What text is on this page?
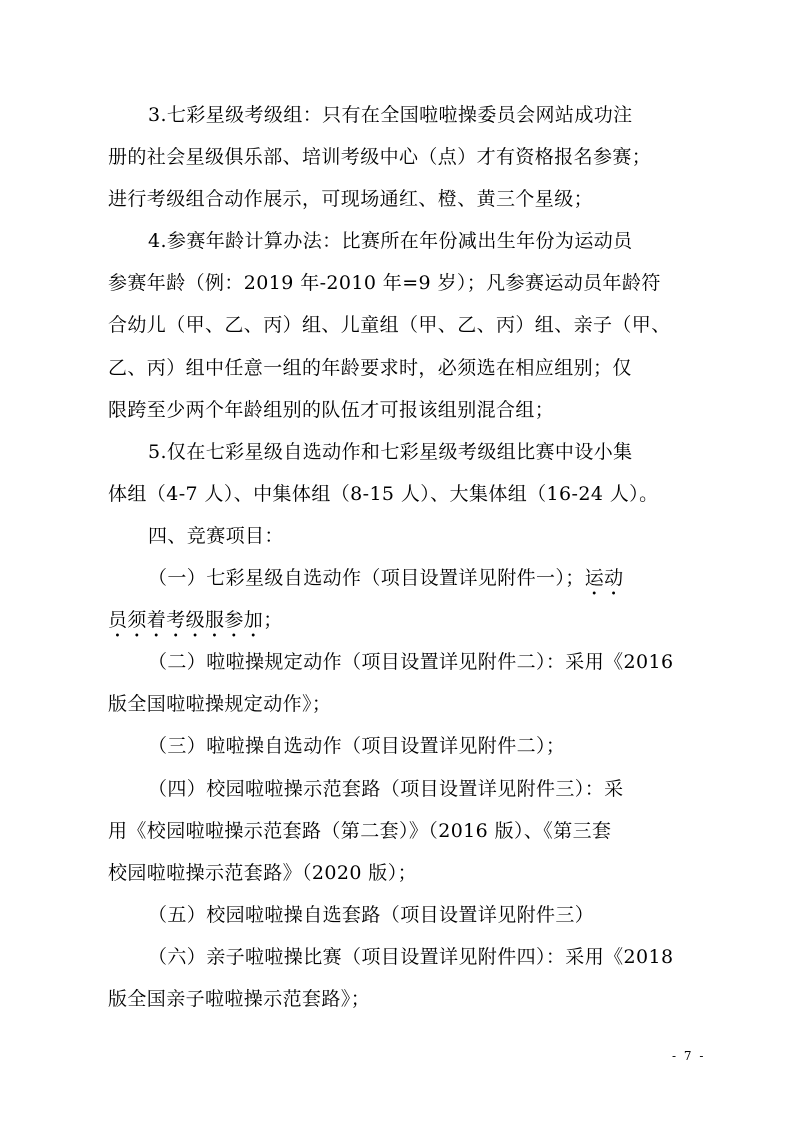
3.七彩星级考级组：只有在全国啦啦操委员会网站成功注
册的社会星级俱乐部、培训考级中心（点）才有资格报名参赛；
进行考级组合动作展示，可现场通红、橙、黄三个星级；
4.参赛年龄计算办法：比赛所在年份减出生年份为运动员
参赛年龄（例：2019 年-2010 年=9 岁）；凡参赛运动员年龄符
合幼儿（甲、乙、丙）组、儿童组（甲、乙、丙）组、亲子（甲、
乙、丙）组中任意一组的年龄要求时，必须选在相应组别；仅
限跨至少两个年龄组别的队伍才可报该组别混合组；
5.仅在七彩星级自选动作和七彩星级考级组比赛中设小集
体组（4-7 人）、中集体组（8-15 人）、大集体组（16-24 人）。
四、竞赛项目：
（一）七彩星级自选动作（项目设置详见附件一）；运动
员须着考级服参加；
（二）啦啦操规定动作（项目设置详见附件二）：采用《2016
版全国啦啦操规定动作》；
（三）啦啦操自选动作（项目设置详见附件二）；
（四）校园啦啦操示范套路（项目设置详见附件三）：采
用《校园啦啦操示范套路（第二套）》（2016 版）、《第三套
校园啦啦操示范套路》（2020 版）；
（五）校园啦啦操自选套路（项目设置详见附件三）
（六）亲子啦啦操比赛（项目设置详见附件四）：采用《2018
版全国亲子啦啦操示范套路》；
- 7 -
